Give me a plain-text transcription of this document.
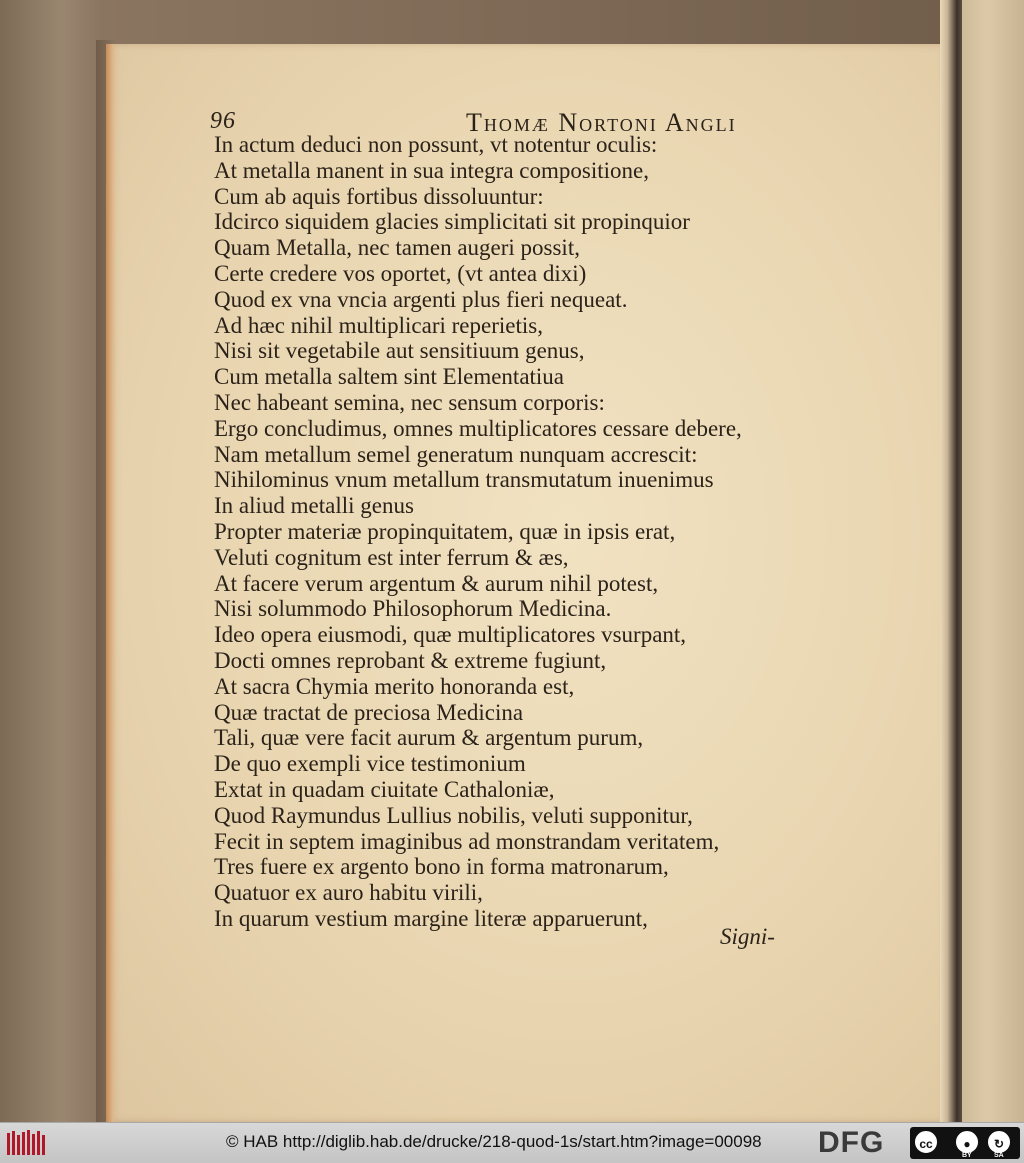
96	Thomæ Nortoni Angli
In actum deduci non possunt, vt notentur oculis:
At metalla manent in sua integra compositione,
Cum ab aquis fortibus dissoluuntur:
Idcirco siquidem glacies simplicitati sit propinquior
Quam Metalla, nec tamen augeri possit,
Certe credere vos oportet, (vt antea dixi)
Quod ex vna vncia argenti plus fieri nequeat.
Ad hæc nihil multiplicari reperietis,
Nisi sit vegetabile aut sensitiuum genus,
Cum metalla saltem sint Elementatiua
Nec habeant semina, nec sensum corporis:
Ergo concludimus, omnes multiplicatores cessare debere,
Nam metallum semel generatum nunquam accrescit:
Nihilominus vnum metallum transmutatum inuenimus
In aliud metalli genus
Propter materiæ propinquitatem, quæ in ipsis erat,
Veluti cognitum est inter ferrum & æs,
At facere verum argentum & aurum nihil potest,
Nisi solummodo Philosophorum Medicina.
Ideo opera eiusmodi, quæ multiplicatores vsurpant,
Docti omnes reprobant & extreme fugiunt,
At sacra Chymia merito honoranda est,
Quæ tractat de preciosa Medicina
Tali, quæ vere facit aurum & argentum purum,
De quo exempli vice testimonium
Extat in quadam ciuitate Cathaloniæ,
Quod Raymundus Lullius nobilis, veluti supponitur,
Fecit in septem imaginibus ad monstrandam veritatem,
Tres fuere ex argento bono in forma matronarum,
Quatuor ex auro habitu virili,
In quarum vestium margine literæ apparuerunt,
Signi-
© HAB http://diglib.hab.de/drucke/218-quod-1s/start.htm?image=00098	DFG	cc	●
BY
↻
SA
